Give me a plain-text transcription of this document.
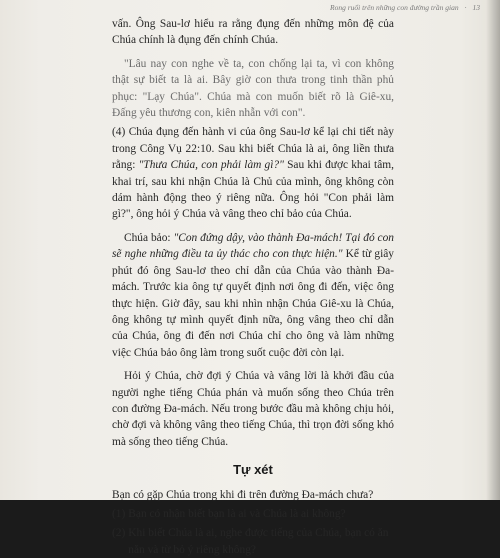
Rong ruổi trên những con đường trần gian · 13

vấn. Ông Sau-lơ hiểu ra rằng đụng đến những môn đệ của Chúa chính là đụng đến chính Chúa.

"Lâu nay con nghe về ta, con chống lại ta, vì con không thật sự biết ta là ai. Bây giờ con thưa trong tinh thần phủ phục: "Lạy Chúa". Chúa mà con muốn biết rõ là Giê-xu, Đấng yêu thương con, kiên nhẫn với con".

(4) Chúa đụng đến hành vi của ông Sau-lơ kể lại chi tiết này trong Công Vụ 22:10. Sau khi biết Chúa là ai, ông liền thưa rằng: "Thưa Chúa, con phải làm gì?" Sau khi được khai tâm, khai trí, sau khi nhận Chúa là Chủ của mình, ông không còn dám hành động theo ý riêng nữa. Ông hỏi "Con phải làm gì?", ông hỏi ý Chúa và vâng theo chỉ bảo của Chúa.

Chúa bảo: "Con đứng dậy, vào thành Đa-mách! Tại đó con sẽ nghe những điều ta ủy thác cho con thực hiện." Kể từ giây phút đó ông Sau-lơ theo chỉ dẫn của Chúa vào thành Đa-mách. Trước kia ông tự quyết định nơi ông đi đến, việc ông thực hiện. Giờ đây, sau khi nhìn nhận Chúa Giê-xu là Chúa, ông không tự mình quyết định nữa, ông vâng theo chỉ dẫn của Chúa, ông đi đến nơi Chúa chỉ cho ông và làm những việc Chúa bảo ông làm trong suốt cuộc đời còn lại.

Hỏi ý Chúa, chờ đợi ý Chúa và vâng lời là khởi đầu của người nghe tiếng Chúa phán và muốn sống theo Chúa trên con đường Đa-mách. Nếu trong bước đầu mà không chịu hỏi, chờ đợi và không vâng theo tiếng Chúa, thì trọn đời sống khó mà sống theo tiếng Chúa.

Tự xét

Bạn có gặp Chúa trong khi đi trên đường Đa-mách chưa?

(1) Bạn có nhận biết bạn là ai và Chúa là ai không?
(2) Khi biết Chúa là ai, nghe được tiếng của Chúa, bạn có ăn năn và từ bỏ ý riêng không?
